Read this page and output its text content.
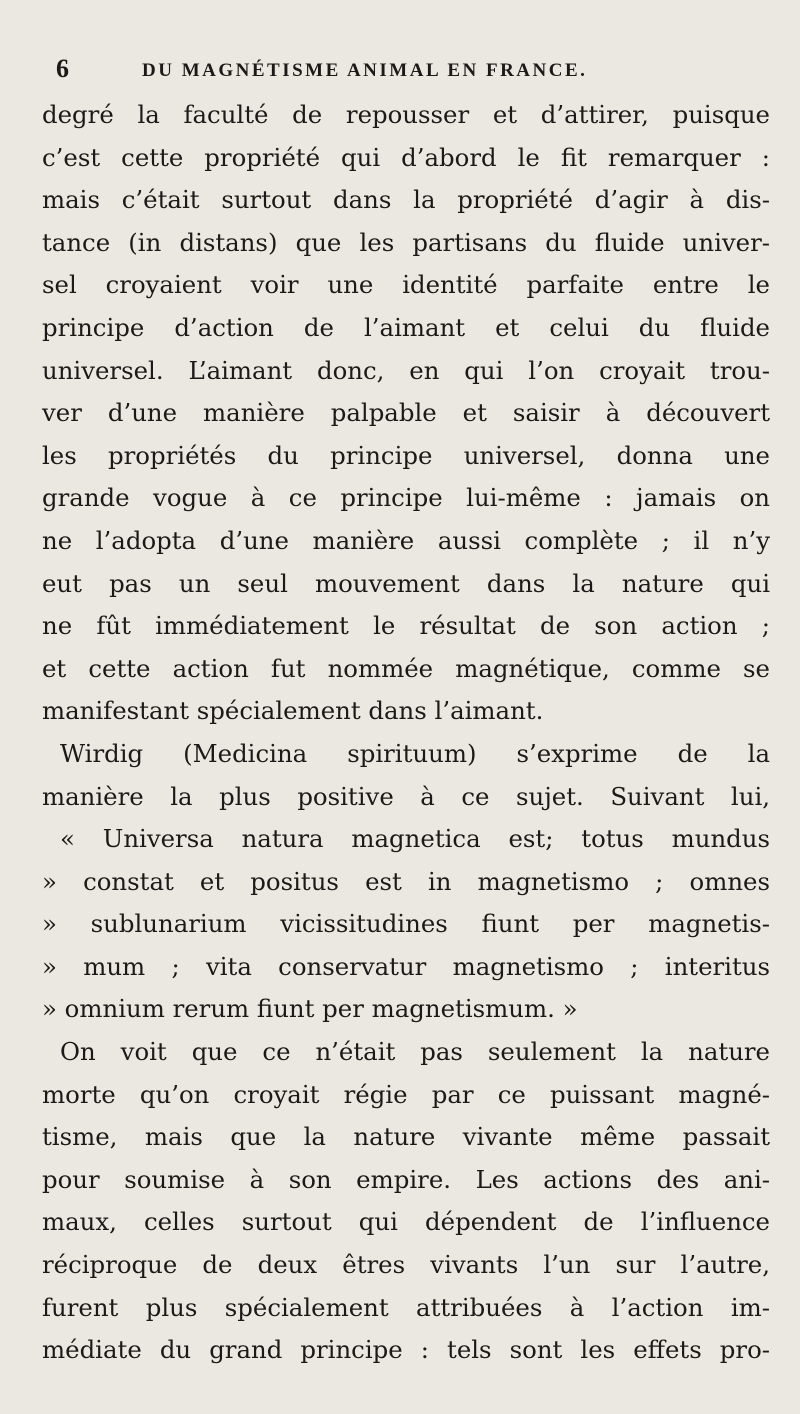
6	DU MAGNÉTISME ANIMAL EN FRANCE.
degré la faculté de repousser et d’attirer, puisque
c’est cette propriété qui d’abord le fit remarquer :
mais c’était surtout dans la propriété d’agir à dis-
tance (in distans) que les partisans du fluide univer-
sel croyaient voir une identité parfaite entre le
principe d’action de l’aimant et celui du fluide
universel. L’aimant donc, en qui l’on croyait trou-
ver d’une manière palpable et saisir à découvert
les propriétés du principe universel, donna une
grande vogue à ce principe lui-même : jamais on
ne l’adopta d’une manière aussi complète ; il n’y
eut pas un seul mouvement dans la nature qui
ne fût immédiatement le résultat de son action ;
et cette action fut nommée magnétique, comme se
manifestant spécialement dans l’aimant.
Wirdig (Medicina spirituum) s’exprime de la
manière la plus positive à ce sujet. Suivant lui,
« Universa natura magnetica est; totus mundus
» constat et positus est in magnetismo ; omnes
» sublunarium vicissitudines fiunt per magnetis-
» mum ; vita conservatur magnetismo ; interitus
» omnium rerum fiunt per magnetismum. »
On voit que ce n’était pas seulement la nature
morte qu’on croyait régie par ce puissant magné-
tisme, mais que la nature vivante même passait
pour soumise à son empire. Les actions des ani-
maux, celles surtout qui dépendent de l’influence
réciproque de deux êtres vivants l’un sur l’autre,
furent plus spécialement attribuées à l’action im-
médiate du grand principe : tels sont les effets pro-
